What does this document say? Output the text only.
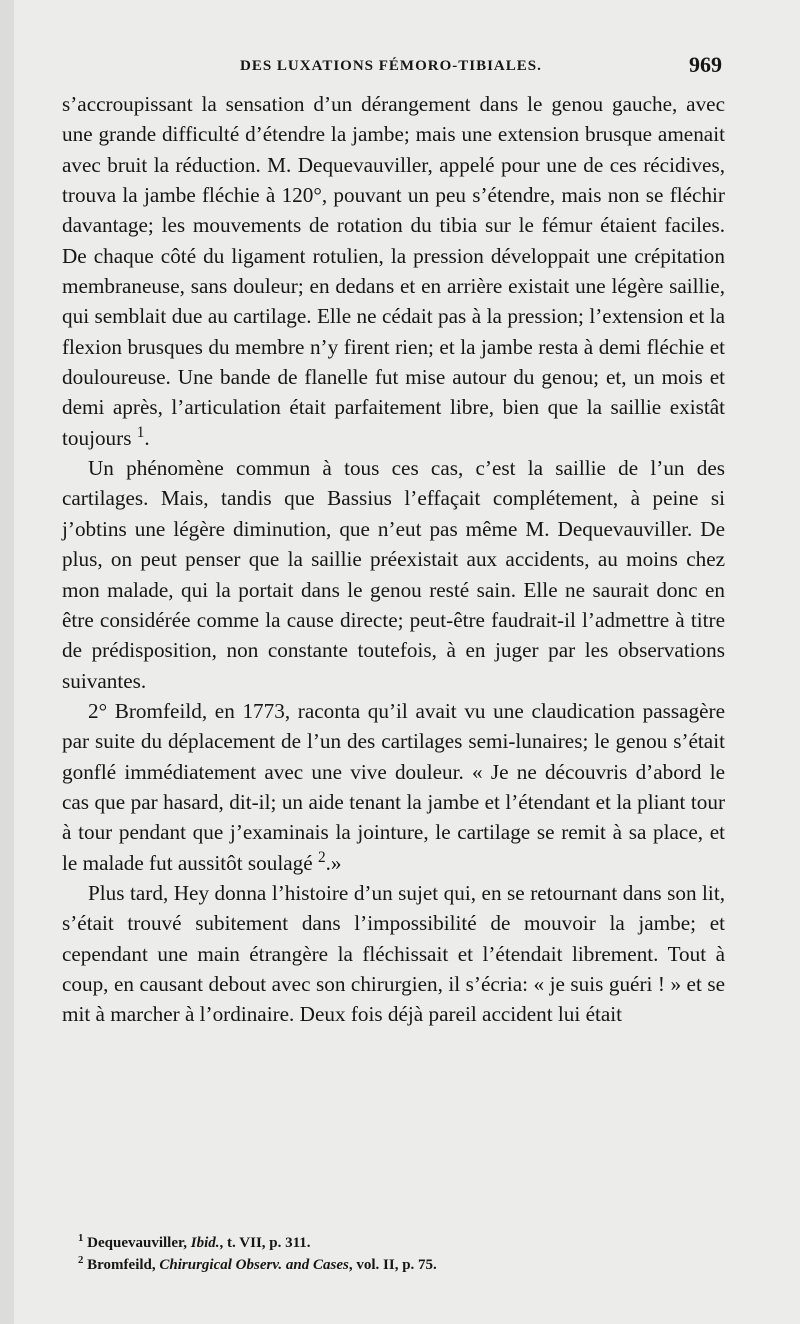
DES LUXATIONS FÉMORO-TIBIALES.	969

s’accroupissant la sensation d’un dérangement dans le genou gauche, avec une grande difficulté d’étendre la jambe; mais une extension brusque amenait avec bruit la réduction. M. Dequevauviller, appelé pour une de ces récidives, trouva la jambe fléchie à 120°, pouvant un peu s’étendre, mais non se fléchir davantage; les mouvements de rotation du tibia sur le fémur étaient faciles. De chaque côté du ligament rotulien, la pression développait une crépitation membraneuse, sans douleur; en dedans et en arrière existait une légère saillie, qui semblait due au cartilage. Elle ne cédait pas à la pression; l’extension et la flexion brusques du membre n’y firent rien; et la jambe resta à demi fléchie et douloureuse. Une bande de flanelle fut mise autour du genou; et, un mois et demi après, l’articulation était parfaitement libre, bien que la saillie existât toujours $^1$.

Un phénomène commun à tous ces cas, c’est la saillie de l’un des cartilages. Mais, tandis que Bassius l’effaçait complétement, à peine si j’obtins une légère diminution, que n’eut pas même M. Dequevauviller. De plus, on peut penser que la saillie préexistait aux accidents, au moins chez mon malade, qui la portait dans le genou resté sain. Elle ne saurait donc en être considérée comme la cause directe; peut-être faudrait-il l’admettre à titre de prédisposition, non constante toutefois, à en juger par les observations suivantes.

2° Bromfeild, en 1773, raconta qu’il avait vu une claudication passagère par suite du déplacement de l’un des cartilages semi-lunaires; le genou s’était gonflé immédiatement avec une vive douleur. « Je ne découvris d’abord le cas que par hasard, dit-il; un aide tenant la jambe et l’étendant et la pliant tour à tour pendant que j’examinais la jointure, le cartilage se remit à sa place, et le malade fut aussitôt soulagé $^2$.»

Plus tard, Hey donna l’histoire d’un sujet qui, en se retournant dans son lit, s’était trouvé subitement dans l’impossibilité de mouvoir la jambe; et cependant une main étrangère la fléchissait et l’étendait librement. Tout à coup, en causant debout avec son chirurgien, il s’écria: « je suis guéri ! » et se mit à marcher à l’ordinaire. Deux fois déjà pareil accident lui était

$^1$ Dequevauviller, Ibid., t. VII, p. 311.

$^2$ Bromfeild, Chirurgical Observ. and Cases, vol. II, p. 75.
